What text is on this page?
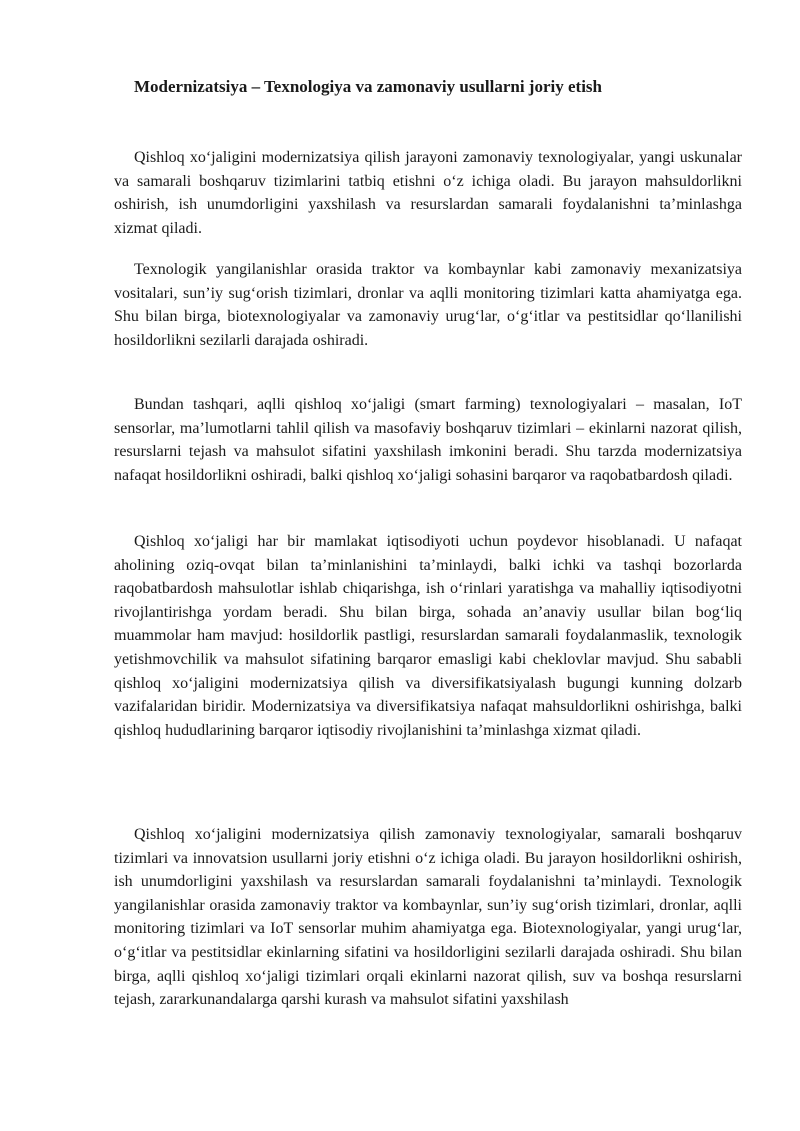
Modernizatsiya – Texnologiya va zamonaviy usullarni joriy etish

Qishloq xo‘jaligini modernizatsiya qilish jarayoni zamonaviy texnologiyalar, yangi uskunalar va samarali boshqaruv tizimlarini tatbiq etishni o‘z ichiga oladi. Bu jarayon mahsuldorlikni oshirish, ish unumdorligini yaxshilash va resurslardan samarali foydalanishni ta’minlashga xizmat qiladi.

Texnologik yangilanishlar orasida traktor va kombaynlar kabi zamonaviy mexanizatsiya vositalari, sun’iy sug‘orish tizimlari, dronlar va aqlli monitoring tizimlari katta ahamiyatga ega. Shu bilan birga, biotexnologiyalar va zamonaviy urug‘lar, o‘g‘itlar va pestitsidlar qo‘llanilishi hosildorlikni sezilarli darajada oshiradi.

Bundan tashqari, aqlli qishloq xo‘jaligi (smart farming) texnologiyalari – masalan, IoT sensorlar, ma’lumotlarni tahlil qilish va masofaviy boshqaruv tizimlari – ekinlarni nazorat qilish, resurslarni tejash va mahsulot sifatini yaxshilash imkonini beradi. Shu tarzda modernizatsiya nafaqat hosildorlikni oshiradi, balki qishloq xo‘jaligi sohasini barqaror va raqobatbardosh qiladi.

Qishloq xo‘jaligi har bir mamlakat iqtisodiyoti uchun poydevor hisoblanadi. U nafaqat aholining oziq-ovqat bilan ta’minlanishini ta’minlaydi, balki ichki va tashqi bozorlarda raqobatbardosh mahsulotlar ishlab chiqarishga, ish o‘rinlari yaratishga va mahalliy iqtisodiyotni rivojlantirishga yordam beradi. Shu bilan birga, sohada an’anaviy usullar bilan bog‘liq muammolar ham mavjud: hosildorlik pastligi, resurslardan samarali foydalanmaslik, texnologik yetishmovchilik va mahsulot sifatining barqaror emasligi kabi cheklovlar mavjud. Shu sababli qishloq xo‘jaligini modernizatsiya qilish va diversifikatsiyalash bugungi kunning dolzarb vazifalaridan biridir. Modernizatsiya va diversifikatsiya nafaqat mahsuldorlikni oshirishga, balki qishloq hududlarining barqaror iqtisodiy rivojlanishini ta’minlashga xizmat qiladi.

Qishloq xo‘jaligini modernizatsiya qilish zamonaviy texnologiyalar, samarali boshqaruv tizimlari va innovatsion usullarni joriy etishni o‘z ichiga oladi. Bu jarayon hosildorlikni oshirish, ish unumdorligini yaxshilash va resurslardan samarali foydalanishni ta’minlaydi. Texnologik yangilanishlar orasida zamonaviy traktor va kombaynlar, sun’iy sug‘orish tizimlari, dronlar, aqlli monitoring tizimlari va IoT sensorlar muhim ahamiyatga ega. Biotexnologiyalar, yangi urug‘lar, o‘g‘itlar va pestitsidlar ekinlarning sifatini va hosildorligini sezilarli darajada oshiradi. Shu bilan birga, aqlli qishloq xo‘jaligi tizimlari orqali ekinlarni nazorat qilish, suv va boshqa resurslarni tejash, zararkunandalarga qarshi kurash va mahsulot sifatini yaxshilash
